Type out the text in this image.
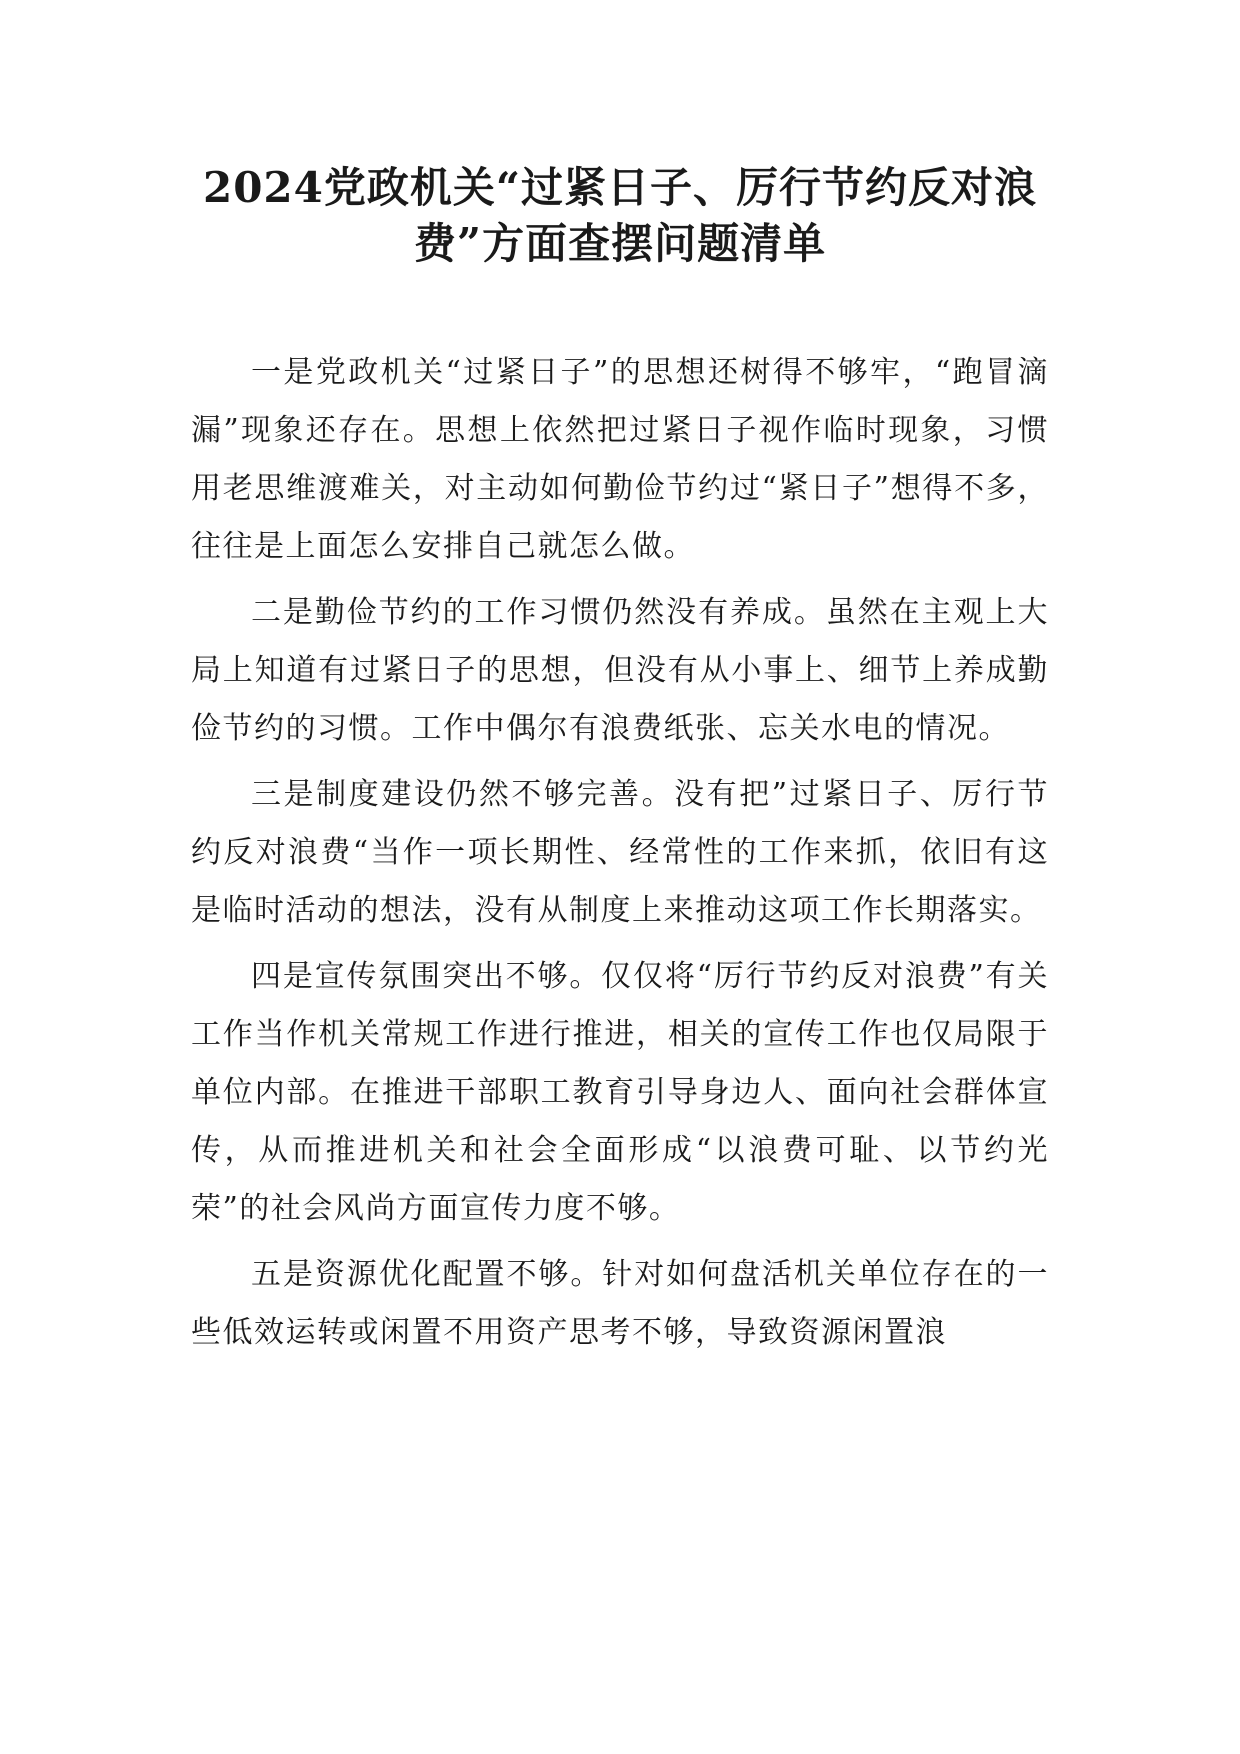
2024党政机关“过紧日子、厉行节约反对浪
费”方面查摆问题清单

一是党政机关“过紧日子”的思想还树得不够牢，“跑冒滴漏”现象还存在。思想上依然把过紧日子视作临时现象，习惯用老思维渡难关，对主动如何勤俭节约过“紧日子”想得不多，往往是上面怎么安排自己就怎么做。

二是勤俭节约的工作习惯仍然没有养成。虽然在主观上大局上知道有过紧日子的思想，但没有从小事上、细节上养成勤俭节约的习惯。工作中偶尔有浪费纸张、忘关水电的情况。

三是制度建设仍然不够完善。没有把”过紧日子、厉行节约反对浪费“当作一项长期性、经常性的工作来抓，依旧有这是临时活动的想法，没有从制度上来推动这项工作长期落实。

四是宣传氛围突出不够。仅仅将“厉行节约反对浪费”有关工作当作机关常规工作进行推进，相关的宣传工作也仅局限于单位内部。在推进干部职工教育引导身边人、面向社会群体宣传，从而推进机关和社会全面形成“以浪费可耻、以节约光荣”的社会风尚方面宣传力度不够。

五是资源优化配置不够。针对如何盘活机关单位存在的一些低效运转或闲置不用资产思考不够，导致资源闲置浪
